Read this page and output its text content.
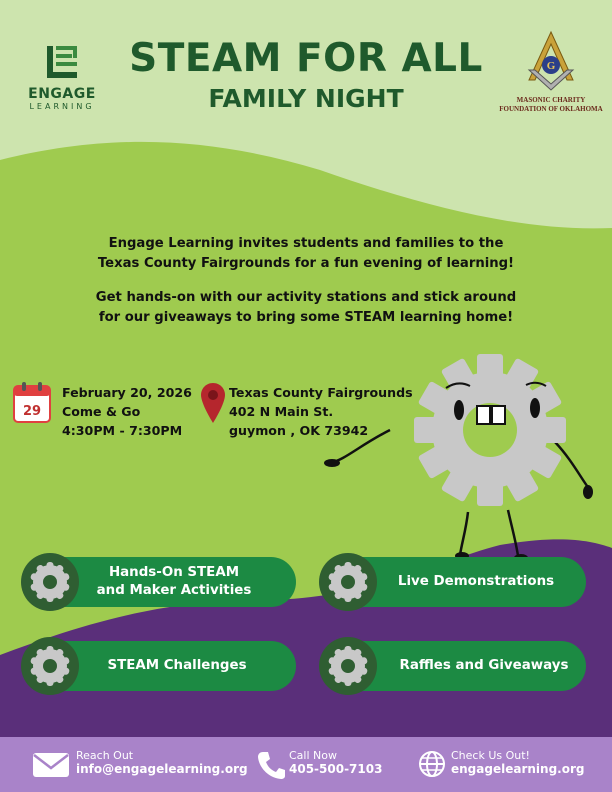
ENGAGE
LEARNING
STEAM FOR ALL
FAMILY NIGHT
G
MASONIC CHARITY
FOUNDATION OF OKLAHOMA

Engage Learning invites students and families to the

Texas County Fairgrounds for a fun evening of learning!

Get hands-on with our activity stations and stick around

for our giveaways to bring some STEAM learning home!

29
February 20, 2026
Come & Go
4:30PM - 7:30PM
Texas County Fairgrounds
402 N Main St.
guymon , OK 73942
Hands-On STEAM
and Maker Activities
Live Demonstrations
STEAM Challenges	Raffles and Giveaways
Reach Out
info@engagelearning.org
Call Now
405-500-7103
Check Us Out!
engagelearning.org
